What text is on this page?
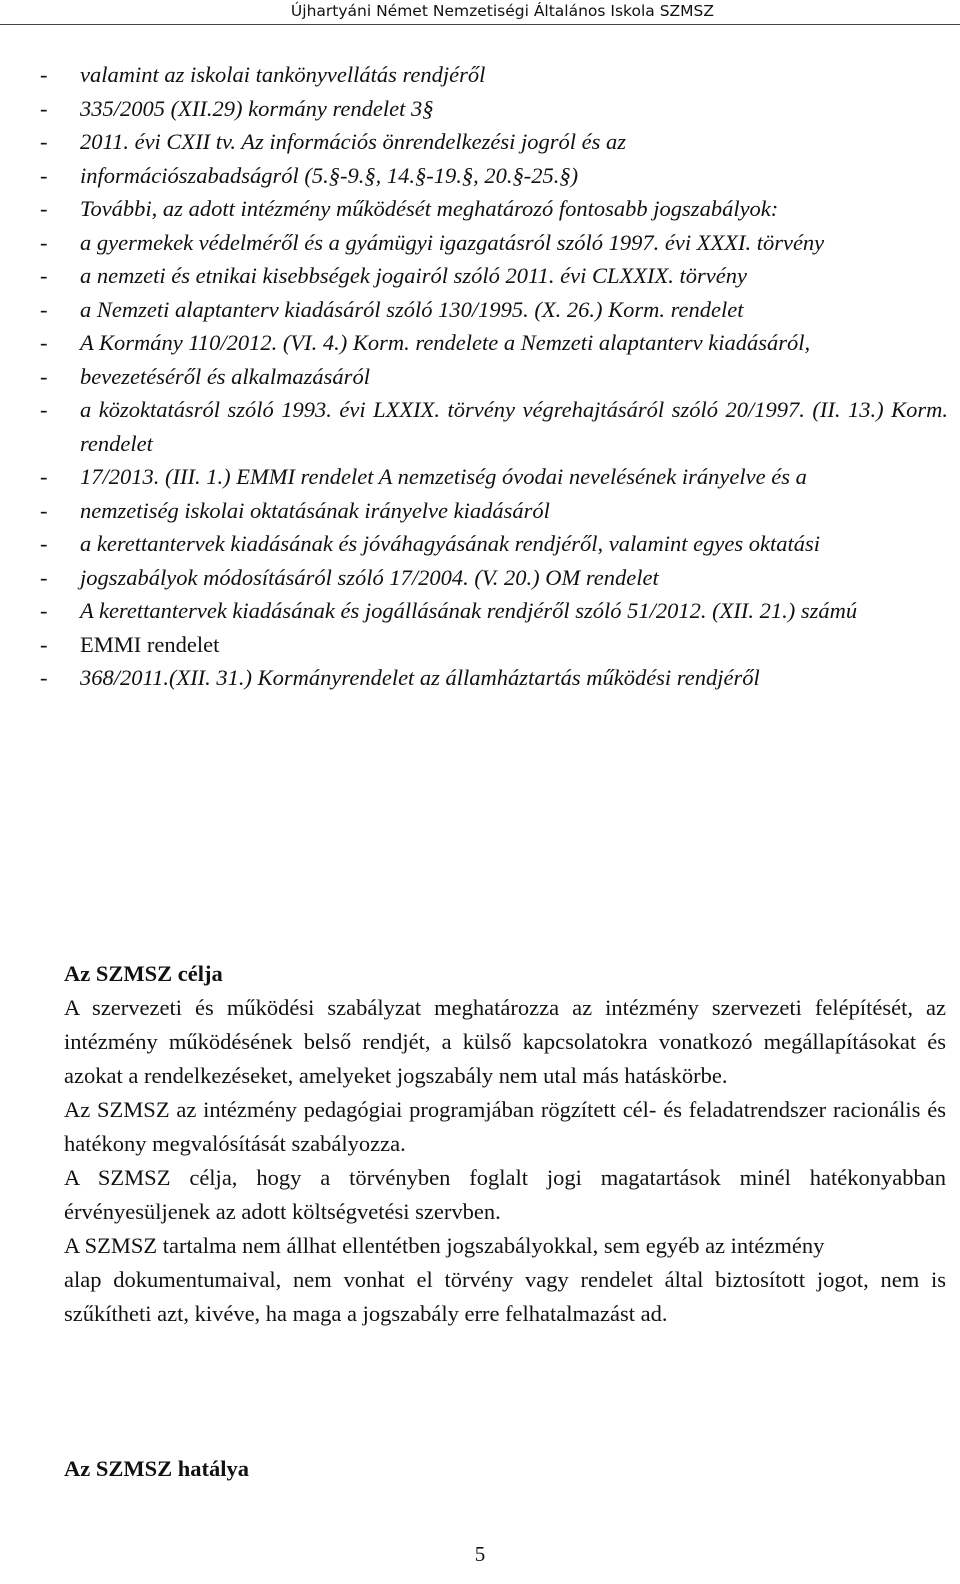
Újhartyáni Német Nemzetiségi Általános Iskola SZMSZ
-	valamint az iskolai tankönyvellátás rendjéről
-	335/2005 (XII.29) kormány rendelet 3§
-	2011. évi CXII tv. Az információs önrendelkezési jogról és az
-	információszabadságról (5.§-9.§, 14.§-19.§, 20.§-25.§)
-	További, az adott intézmény működését meghatározó fontosabb jogszabályok:
-	a gyermekek védelméről és a gyámügyi igazgatásról szóló 1997. évi XXXI. törvény
-	a nemzeti és etnikai kisebbségek jogairól szóló 2011. évi CLXXIX. törvény
-	a Nemzeti alaptanterv kiadásáról szóló 130/1995. (X. 26.) Korm. rendelet
-	A Kormány 110/2012. (VI. 4.) Korm. rendelete a Nemzeti alaptanterv kiadásáról,
-	bevezetéséről és alkalmazásáról
-	a közoktatásról szóló 1993. évi LXXIX. törvény végrehajtásáról szóló 20/1997. (II. 13.) Korm. rendelet
-	17/2013. (III. 1.) EMMI rendelet A nemzetiség óvodai nevelésének irányelve és a
-	nemzetiség iskolai oktatásának irányelve kiadásáról
-	a kerettantervek kiadásának és jóváhagyásának rendjéről, valamint egyes oktatási
-	jogszabályok módosításáról szóló 17/2004. (V. 20.) OM rendelet
-	A kerettantervek kiadásának és jogállásának rendjéről szóló 51/2012. (XII. 21.) számú
-	EMMI rendelet
-	368/2011.(XII. 31.) Kormányrendelet az államháztartás működési rendjéről
Az SZMSZ célja

A szervezeti és működési szabályzat meghatározza az intézmény szervezeti felépítését, az intézmény működésének belső rendjét, a külső kapcsolatokra vonatkozó megállapításokat és azokat a rendelkezéseket, amelyeket jogszabály nem utal más hatáskörbe.

Az SZMSZ az intézmény pedagógiai programjában rögzített cél- és feladatrendszer racionális és hatékony megvalósítását szabályozza.

A SZMSZ célja, hogy a törvényben foglalt jogi magatartások minél hatékonyabban érvényesüljenek az adott költségvetési szervben.

A SZMSZ tartalma nem állhat ellentétben jogszabályokkal, sem egyéb az intézmény

alap dokumentumaival, nem vonhat el törvény vagy rendelet által biztosított jogot, nem is szűkítheti azt, kivéve, ha maga a jogszabály erre felhatalmazást ad.

Az SZMSZ hatálya
5
